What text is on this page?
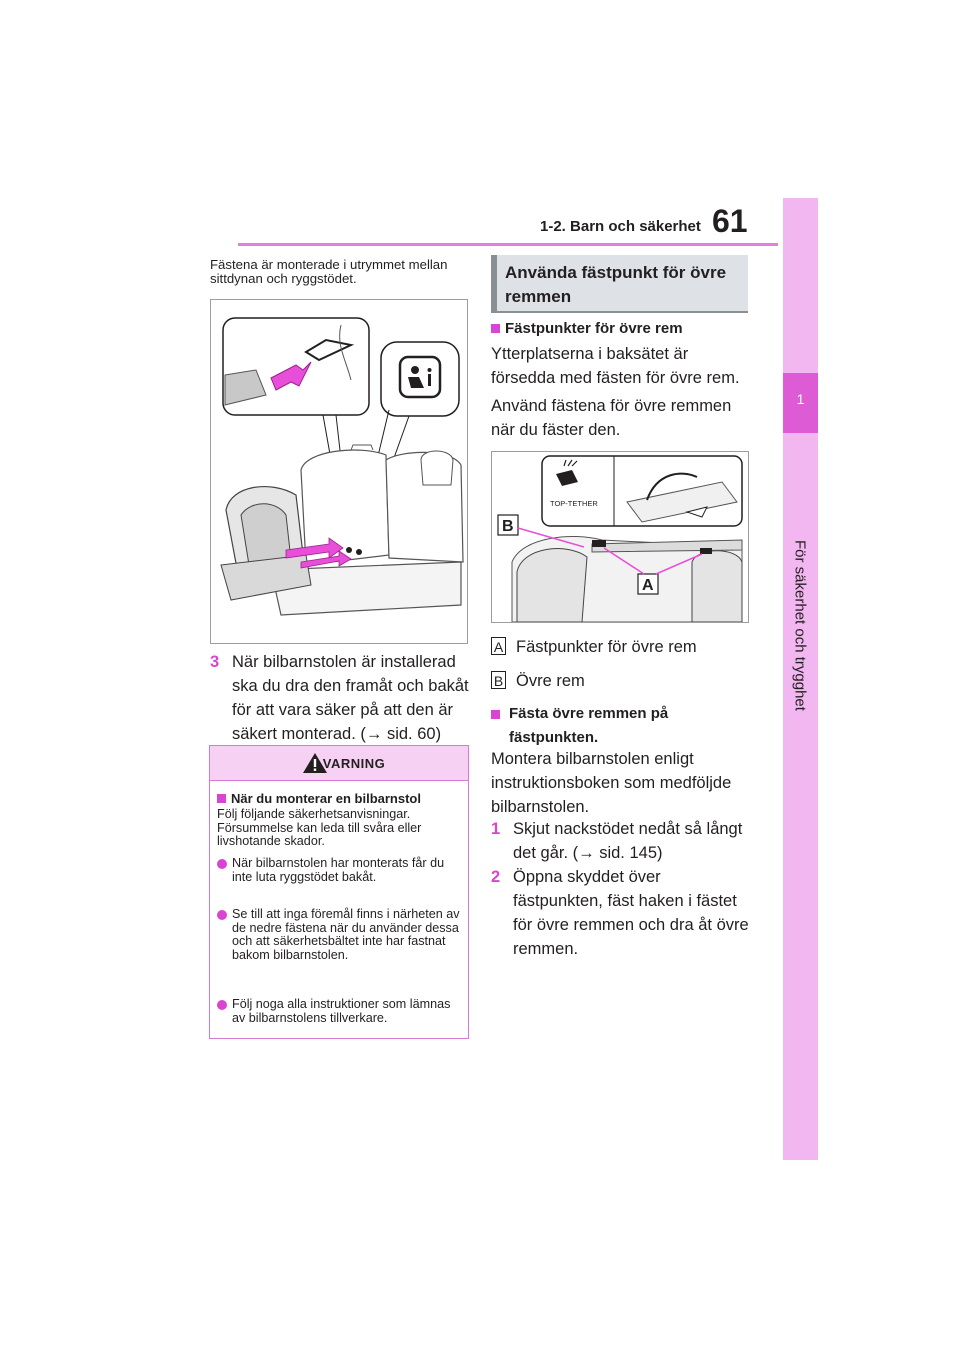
1-2. Barn och säkerhet 61
1
För säkerhet och trygghet
Fästena är monterade i utrymmet mellan sittdynan och ryggstödet.
3 När bilbarnstolen är installerad ska du dra den framåt och bakåt för att vara säker på att den är säkert monterad. (→ sid. 60)
VARNING
När du monterar en bilbarnstol
Följ följande säkerhetsanvisningar. Försummelse kan leda till svåra eller livshotande skador.
När bilbarnstolen har monterats får du inte luta ryggstödet bakåt.
Se till att inga föremål finns i närheten av de nedre fästena när du använder dessa och att säkerhetsbältet inte har fastnat bakom bilbarnstolen.
Följ noga alla instruktioner som lämnas av bilbarnstolens tillverkare.
Använda fästpunkt för övre remmen
Fästpunkter för övre rem
Ytterplatserna i baksätet är försedda med fästen för övre rem.
Använd fästena för övre remmen när du fäster den.
TOP-TETHER
B
A
A Fästpunkter för övre rem
B Övre rem
Fästa övre remmen på fästpunkten.
Montera bilbarnstolen enligt instruktionsboken som medföljde bilbarnstolen.
1 Skjut nackstödet nedåt så långt det går. (→ sid. 145)
2 Öppna skyddet över fästpunkten, fäst haken i fästet för övre remmen och dra åt övre remmen.
